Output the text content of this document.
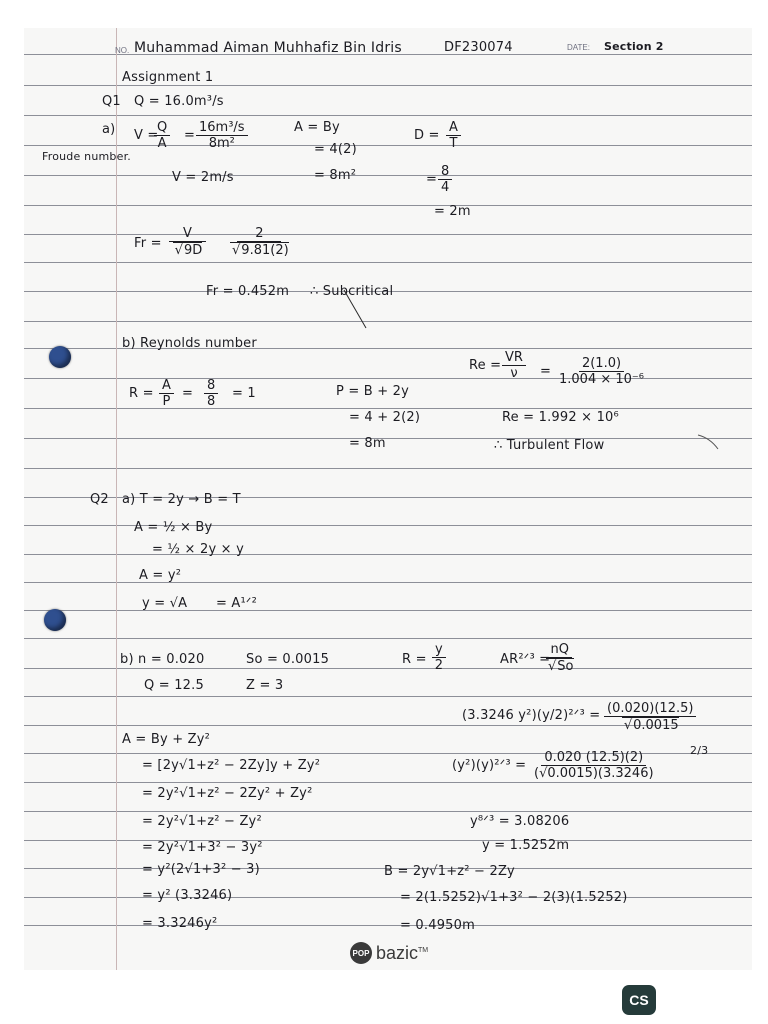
NO. Muhammad Aiman Muhhafiz Bin Idris	DF230074	DATE: Section 2
Assignment 1
Q1 Q = 16.0m³/s
a)
Froude number.
V =
$\frac{Q}{A} = \frac{\text{16m³/s}}{\text{8m²}}$
V = 2m/s
A = By
= 4(2)
= 8m²
$D = \frac{A}{T}$
= $\frac{8}{4}$
= 2m
Fr = V
√ 9D 2
√ 9.81(2)
Fr = 0.452m ∴ Subcritical
b) Reynolds number
$R = \frac{A}{P} = \frac{8}{8} = 1$	P = B + 2y
= 4 + 2(2)
= 8m
$Re = \frac{VR}{\nu} = \frac{2(1.0)}{\text{1.004 × 10⁻⁶}}$
Re = 1.992 × 10⁶
∴ Turbulent Flow
Q2 a) T = 2y → B = T
A = ½ × By
= ½ × 2y × y
A = y²
y = √A = A¹ᐟ²
b) n = 0.020	So = 0.0015
Q = 12.5	Z = 3
$R = \frac{y}{2}$	AR²ᐟ³ =
nQ
√ So
(3.3246 y²)(y/2)²ᐟ³ = (0.020)(12.5)
√ 0.0015
(y²)(y)²ᐟ³ = $\frac{0.020 (12.5)(2)}{(√0.0015)(3.3246)}$	2/3
y⁸ᐟ³ = 3.08206
y = 1.5252m
A = By + Zy²
= [2y√1+z² − 2Zy]y + Zy²
= 2y²√1+z² − 2Zy² + Zy²
= 2y²√1+z² − Zy²
= 2y²√1+3² − 3y²
= y²(2√1+3² − 3)
= y² (3.3246)
= 3.3246y²
B = 2y√1+z² − 2Zy
= 2(1.5252)√1+3² − 2(3)(1.5252)
= 0.4950m
POP bazic™
CS
